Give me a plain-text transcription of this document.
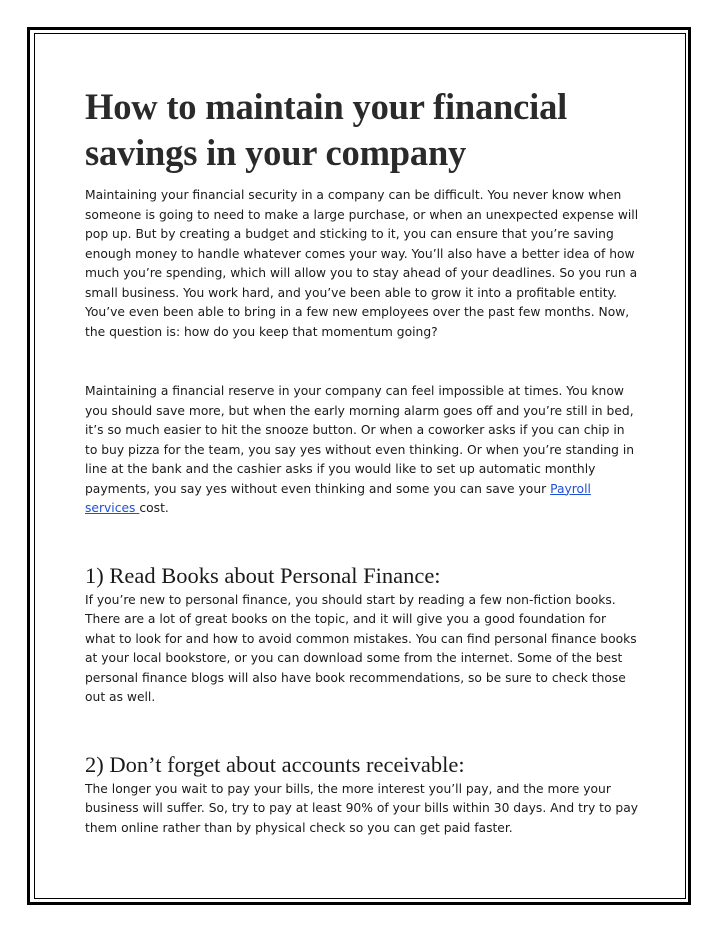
How to maintain your financial savings in your company

Maintaining your financial security in a company can be difficult. You never know when someone is going to need to make a large purchase, or when an unexpected expense will pop up. But by creating a budget and sticking to it, you can ensure that you’re saving enough money to handle whatever comes your way. You’ll also have a better idea of how much you’re spending, which will allow you to stay ahead of your deadlines. So you run a small business. You work hard, and you’ve been able to grow it into a profitable entity. You’ve even been able to bring in a few new employees over the past few months. Now, the question is: how do you keep that momentum going?

Maintaining a financial reserve in your company can feel impossible at times. You know you should save more, but when the early morning alarm goes off and you’re still in bed, it’s so much easier to hit the snooze button. Or when a coworker asks if you can chip in to buy pizza for the team, you say yes without even thinking. Or when you’re standing in line at the bank and the cashier asks if you would like to set up automatic monthly payments, you say yes without even thinking and some you can save your Payroll services cost.

1) Read Books about Personal Finance:

If you’re new to personal finance, you should start by reading a few non-fiction books. There are a lot of great books on the topic, and it will give you a good foundation for what to look for and how to avoid common mistakes. You can find personal finance books at your local bookstore, or you can download some from the internet. Some of the best personal finance blogs will also have book recommendations, so be sure to check those out as well.

2) Don’t forget about accounts receivable:

The longer you wait to pay your bills, the more interest you’ll pay, and the more your business will suffer. So, try to pay at least 90% of your bills within 30 days. And try to pay them online rather than by physical check so you can get paid faster.
